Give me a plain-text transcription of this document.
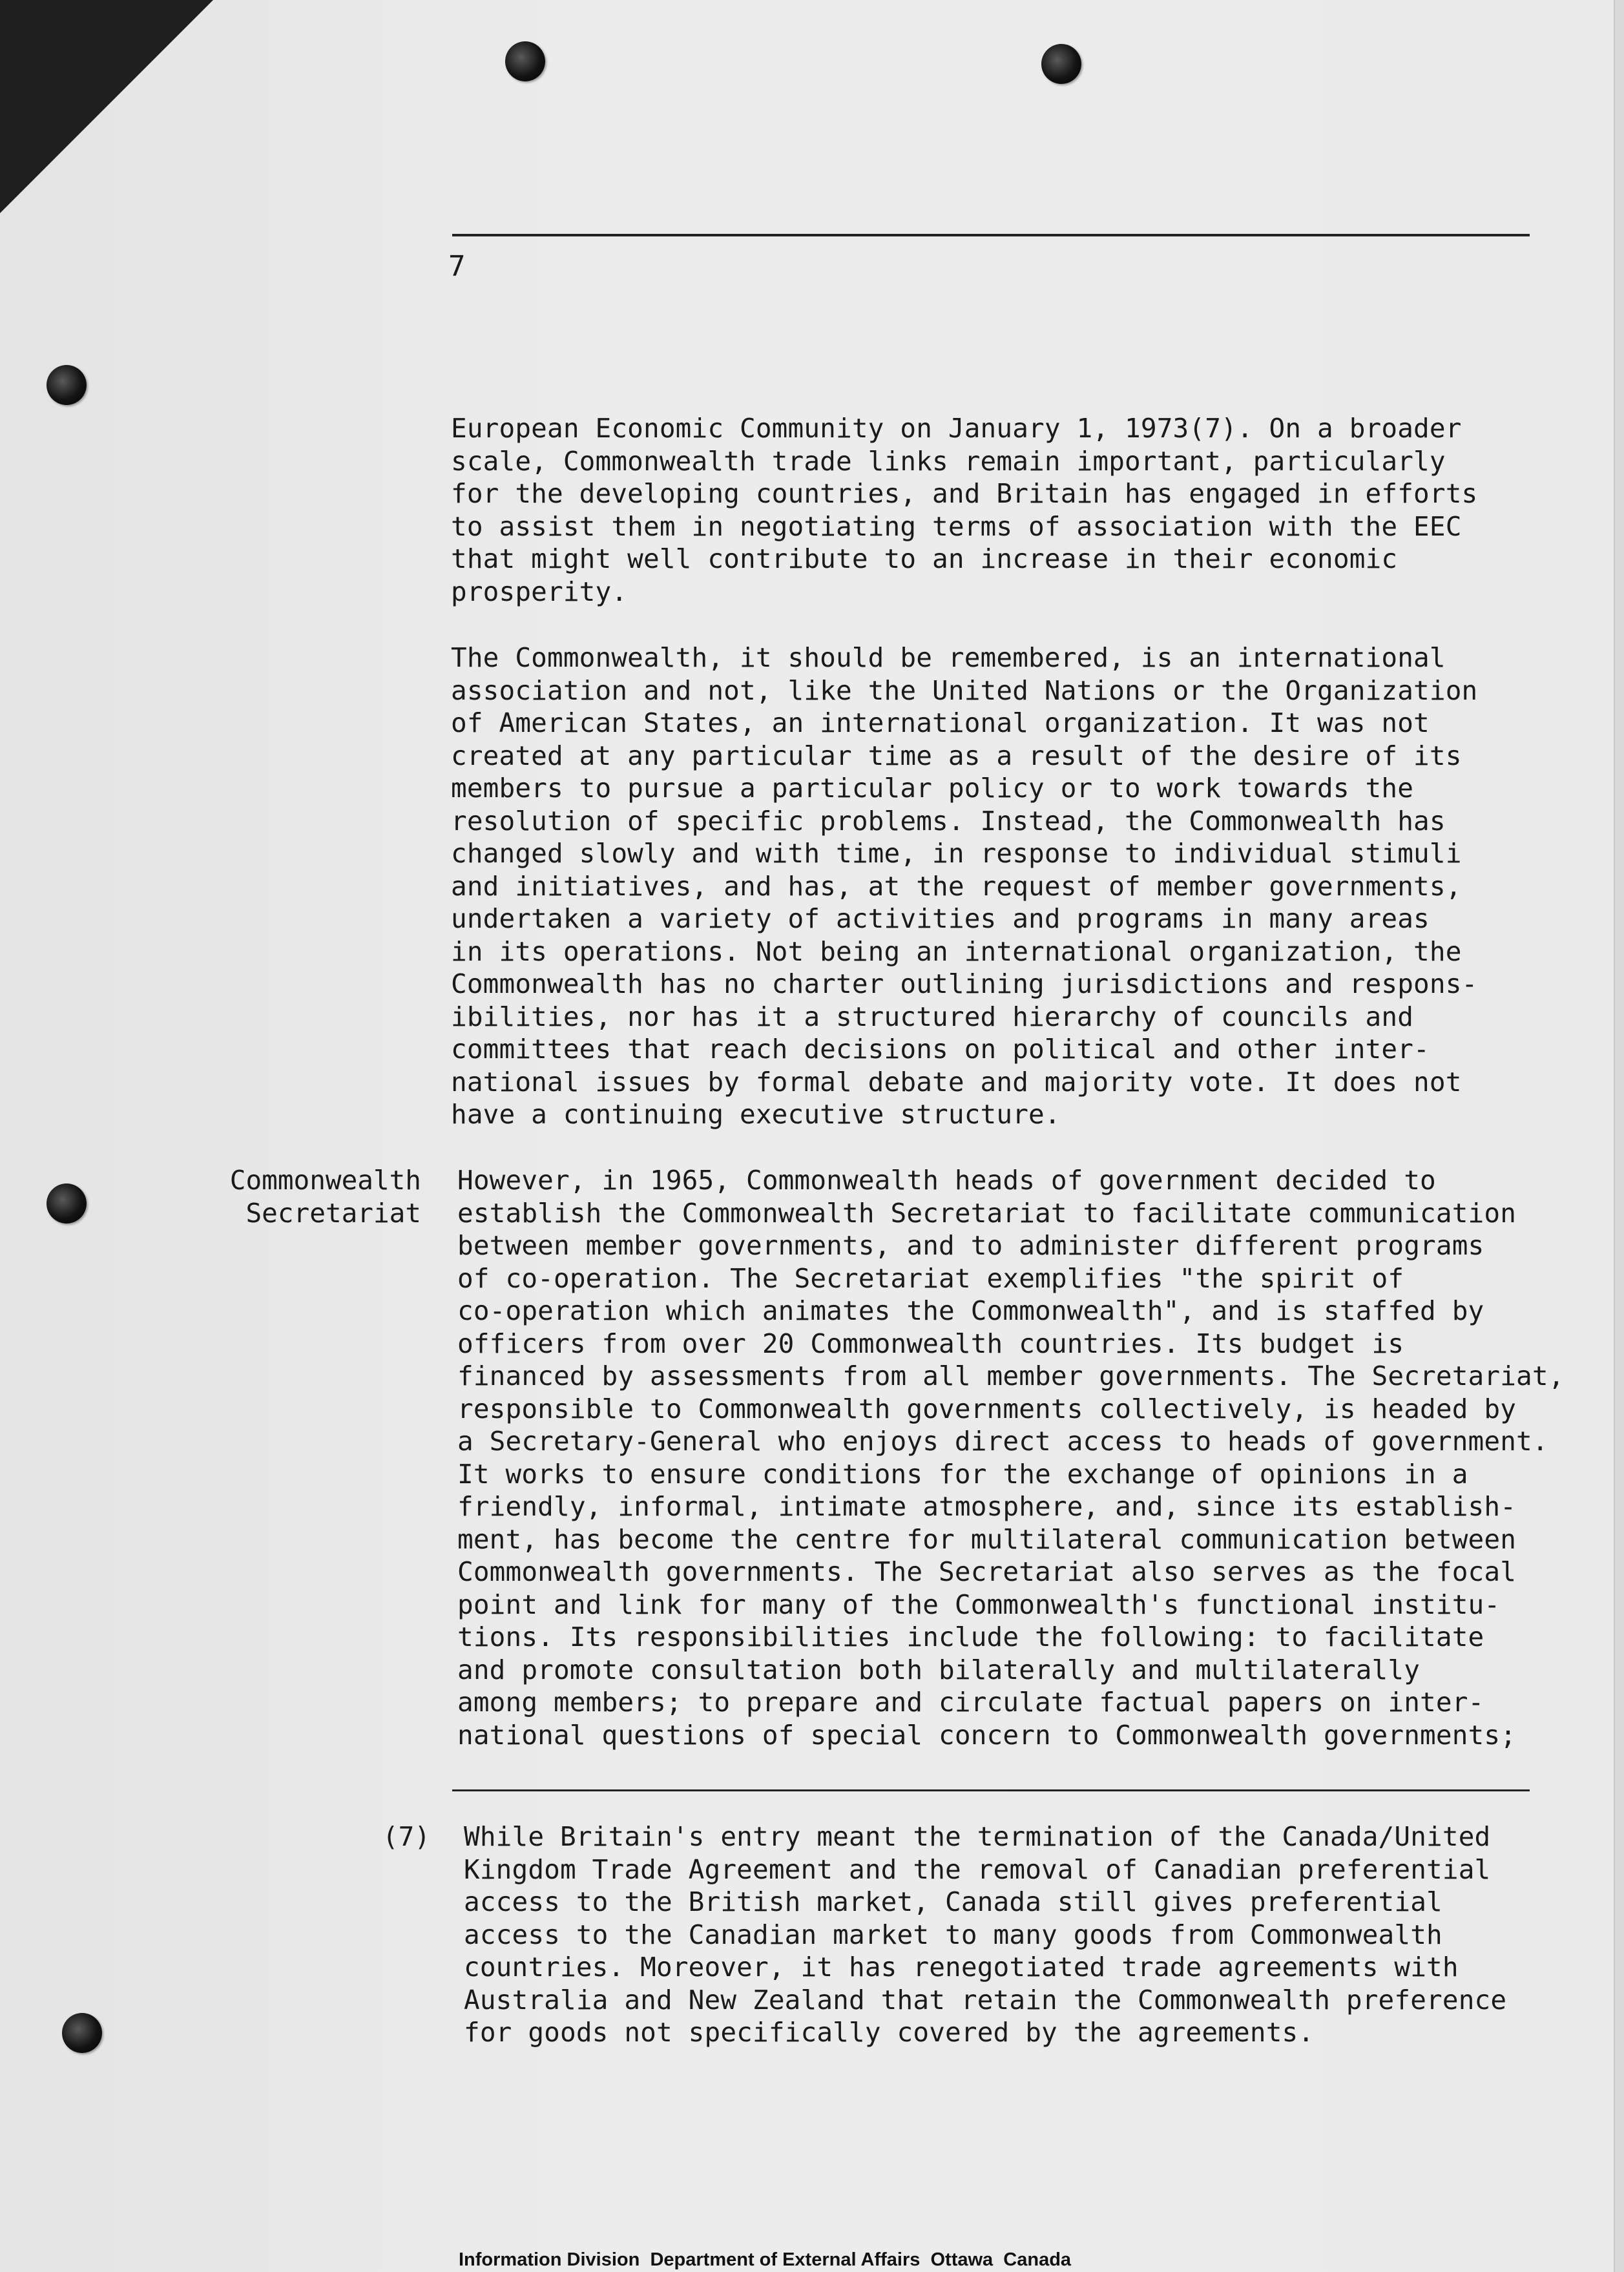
7
European Economic Community on January 1, 1973(7). On a broader
scale, Commonwealth trade links remain important, particularly
for the developing countries, and Britain has engaged in efforts
to assist them in negotiating terms of association with the EEC
that might well contribute to an increase in their economic
prosperity.
The Commonwealth, it should be remembered, is an international
association and not, like the United Nations or the Organization
of American States, an international organization. It was not
created at any particular time as a result of the desire of its
members to pursue a particular policy or to work towards the
resolution of specific problems. Instead, the Commonwealth has
changed slowly and with time, in response to individual stimuli
and initiatives, and has, at the request of member governments,
undertaken a variety of activities and programs in many areas
in its operations. Not being an international organization, the
Commonwealth has no charter outlining jurisdictions and respons-
ibilities, nor has it a structured hierarchy of councils and
committees that reach decisions on political and other inter-
national issues by formal debate and majority vote. It does not
have a continuing executive structure.
Commonwealth
Secretariat
However, in 1965, Commonwealth heads of government decided to
establish the Commonwealth Secretariat to facilitate communication
between member governments, and to administer different programs
of co-operation. The Secretariat exemplifies "the spirit of
co-operation which animates the Commonwealth", and is staffed by
officers from over 20 Commonwealth countries. Its budget is
financed by assessments from all member governments. The Secretariat,
responsible to Commonwealth governments collectively, is headed by
a Secretary-General who enjoys direct access to heads of government.
It works to ensure conditions for the exchange of opinions in a
friendly, informal, intimate atmosphere, and, since its establish-
ment, has become the centre for multilateral communication between
Commonwealth governments. The Secretariat also serves as the focal
point and link for many of the Commonwealth's functional institu-
tions. Its responsibilities include the following: to facilitate
and promote consultation both bilaterally and multilaterally
among members; to prepare and circulate factual papers on inter-
national questions of special concern to Commonwealth governments;
(7) While Britain's entry meant the termination of the Canada/United
Kingdom Trade Agreement and the removal of Canadian preferential
access to the British market, Canada still gives preferential
access to the Canadian market to many goods from Commonwealth
countries. Moreover, it has renegotiated trade agreements with
Australia and New Zealand that retain the Commonwealth preference
for goods not specifically covered by the agreements.
Information Division  Department of External Affairs  Ottawa  Canada
